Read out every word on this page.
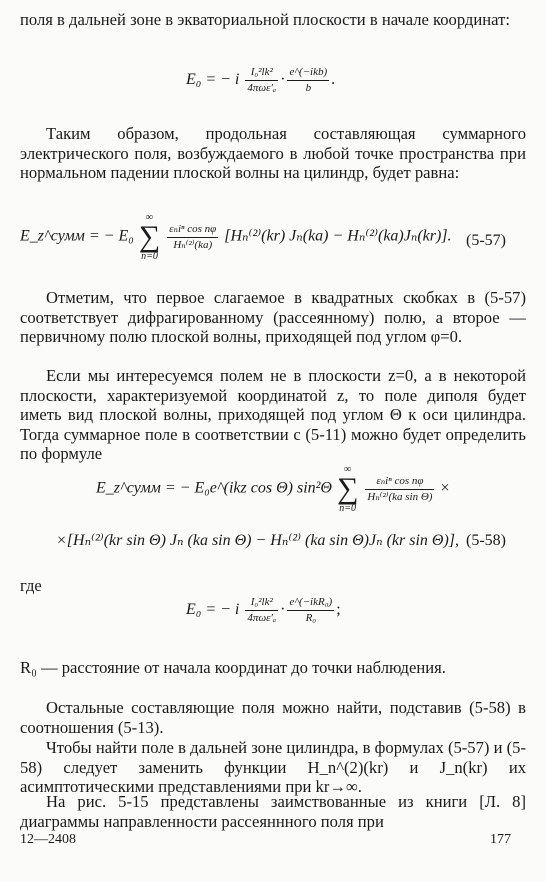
поля в дальней зоне в экваториальной плоскости в начале координат:

E₀ = − i $\frac{\text{I₀²lk²}}{\text{4πωε′ₐ}} \cdot \frac{\text{e\textasciicircum{}(−ikb)}}{b}$ .

Таким образом, продольная составляющая суммарного электрического поля, возбуждаемого в любой точке пространства при нормальном падении плоской волны на цилиндр, будет равна:

E_z^сумм = − E₀
∞
∑
n=0

$\frac{\text{εₙiⁿ cos nφ}}{\text{Hₙ⁽²⁾(ka)}} [H_n^{(2)}(kr) J_n(ka) - H_n^{(2)}(ka)J_n(kr)]$. (5-57)

Отметим, что первое слагаемое в квадратных скобках в (5-57) соответствует дифрагированному (рассеянному) полю, а второе — первичному полю плоской волны, приходящей под углом φ=0.

Если мы интересуемся полем не в плоскости z=0, а в некоторой плоскости, характеризуемой координатой z, то поле диполя будет иметь вид плоской волны, приходящей под углом Θ к оси цилиндра. Тогда суммарное поле в соответствии с (5-11) можно будет определить по формуле

E_z^сумм = − E₀e^(ikz cos Θ) sin²Θ
∞
∑
n=0

$\frac{\text{εₙiⁿ cos nφ}}{\text{Hₙ⁽²⁾(ka sin Θ)}}$ ×
×[Hₙ⁽²⁾(kr sin Θ) Jₙ (ka sin Θ) − Hₙ⁽²⁾ (ka sin Θ)Jₙ (kr sin Θ)], (5-58)

где

E₀ = − i $\frac{\text{I₀²lk²}}{\text{4πωε′ₐ}} \cdot \frac{\text{e\textasciicircum{}(−ikR₀)}}{\text{R₀}}$ ;

R₀ — расстояние от начала координат до точки наблюдения.

Остальные составляющие поля можно найти, подставив (5-58) в соотношения (5-13).

Чтобы найти поле в дальней зоне цилиндра, в формулах (5-57) и (5-58) следует заменить функции H_n^(2)(kr) и J_n(kr) их асимптотическими представлениями при kr→∞.

На рис. 5-15 представлены заимствованные из книги [Л. 8] диаграммы направленности рассеяннного поля при

12—2408	177
